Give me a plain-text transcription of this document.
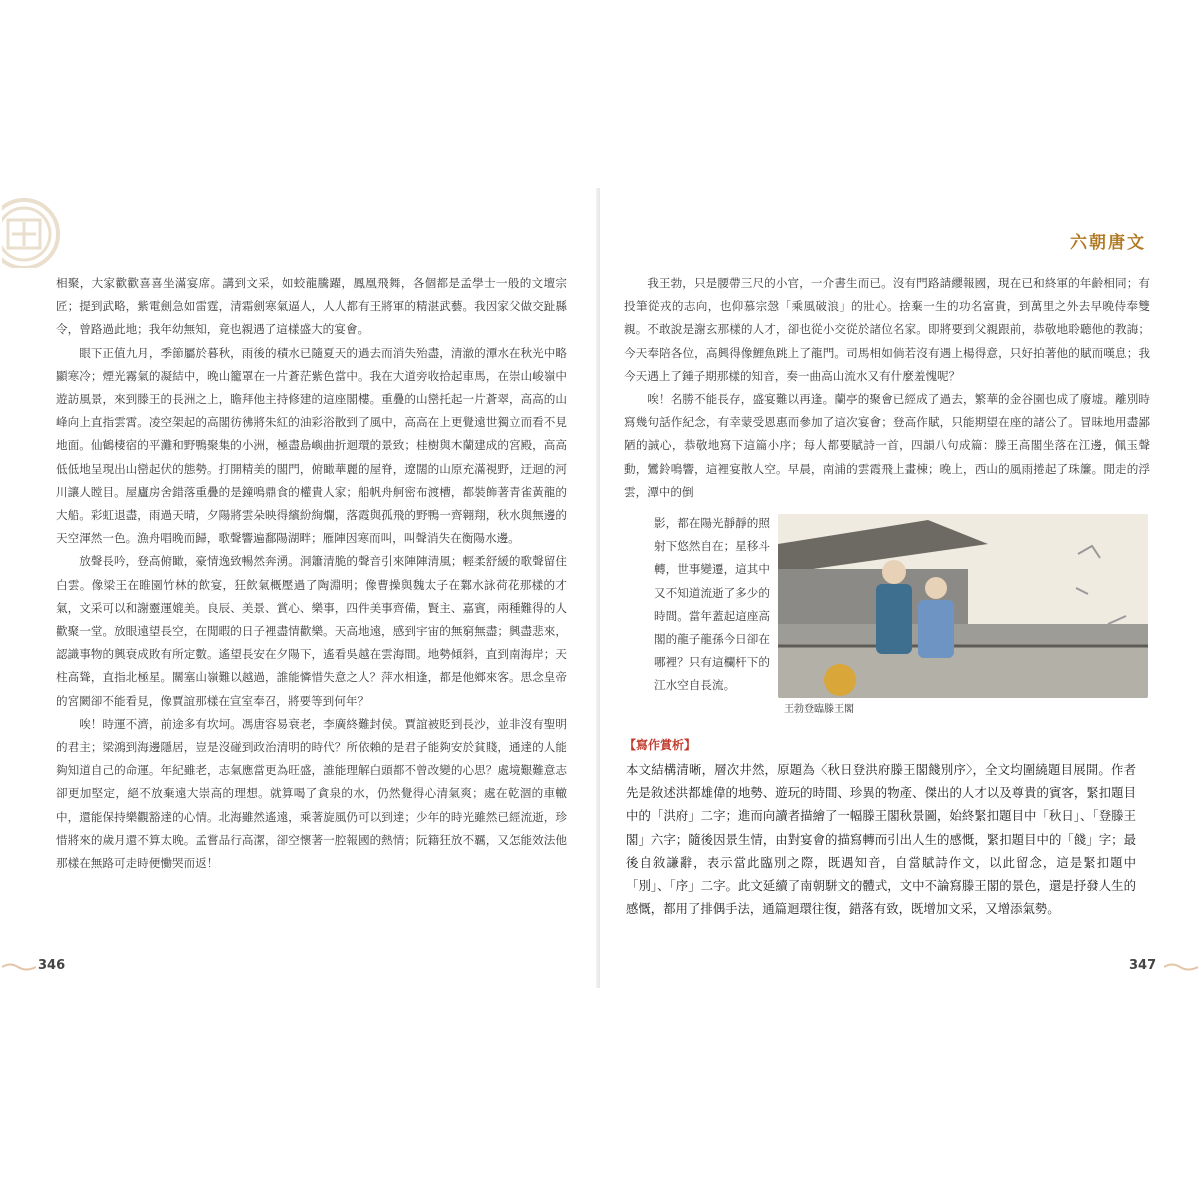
相聚，大家歡歡喜喜坐滿宴席。講到文采，如蛟龍騰躍，鳳凰飛舞，各個都是孟學士一般的文壇宗匠；提到武略，紫電劍急如雷霆，清霜劍寒氣逼人，人人都有王將軍的精湛武藝。我因家父做交趾縣令，曾路過此地；我年幼無知，竟也親遇了這樣盛大的宴會。

眼下正值九月，季節屬於暮秋，雨後的積水已隨夏天的過去而消失殆盡，清澈的潭水在秋光中略顯寒冷；煙光霧氣的凝結中，晚山籠罩在一片蒼茫紫色當中。我在大道旁收拾起車馬，在崇山峻嶺中遊訪風景，來到滕王的長洲之上，瞻拜他主持修建的這座閣樓。重疊的山巒托起一片蒼翠，高高的山峰向上直指雲霄。凌空架起的高閣彷彿將朱紅的油彩浴散到了風中，高高在上更覺遠世獨立而看不見地面。仙鶴棲宿的平灘和野鴨聚集的小洲，極盡島嶼曲折迴環的景致；桂樹與木蘭建成的宮殿，高高低低地呈現出山巒起伏的態勢。打開精美的閣門，俯瞰華麗的屋脊，遼闊的山原充滿視野，迂迴的河川讓人瞠目。屋廬房舍錯落重疊的是鐘鳴鼎食的權貴人家；船帆舟舸密布渡槽，都裝飾著青雀黃龍的大船。彩虹退盡，雨過天晴，夕陽將雲朵映得繽紛絢爛，落霞與孤飛的野鴨一齊翱翔，秋水與無邊的天空渾然一色。漁舟唱晚而歸，歌聲響遍鄱陽湖畔；雁陣因寒而叫，叫聲消失在衡陽水邊。

放聲長吟，登高俯瞰，豪情逸致暢然奔湧。洞簫清脆的聲音引來陣陣清風；輕柔舒緩的歌聲留住白雲。像梁王在睢園竹林的飲宴，狂飲氣概壓過了陶淵明；像曹操與魏太子在鄴水詠荷花那樣的才氣，文采可以和謝靈運媲美。良辰、美景、賞心、樂事，四件美事齊備，賢主、嘉賓，兩種難得的人歡聚一堂。放眼遠望長空，在閒暇的日子裡盡情歡樂。天高地遠，感到宇宙的無窮無盡；興盡悲來，認識事物的興衰成敗有所定數。遙望長安在夕陽下，遙看吳越在雲海間。地勢傾斜，直到南海岸；天柱高聳，直指北極星。關塞山嶺難以越過，誰能憐惜失意之人？萍水相逢，都是他鄉來客。思念皇帝的宮闕卻不能看見，像賈誼那樣在宣室奉召，將要等到何年？

唉！時運不濟，前途多有坎坷。馮唐容易衰老，李廣終難封侯。賈誼被貶到長沙，並非沒有聖明的君主；梁鴻到海邊隱居，豈是沒碰到政治清明的時代？所依賴的是君子能夠安於貧賤，通達的人能夠知道自己的命運。年紀雖老，志氣應當更為旺盛，誰能理解白頭都不曾改變的心思？處境艱難意志卻更加堅定，絕不放棄遠大崇高的理想。就算喝了貪泉的水，仍然覺得心清氣爽；處在乾涸的車轍中，還能保持樂觀豁達的心情。北海雖然遙遠，乘著旋風仍可以到達；少年的時光雖然已經流逝，珍惜將來的歲月還不算太晚。孟嘗品行高潔，卻空懷著一腔報國的熱情；阮籍狂放不羈，又怎能效法他那樣在無路可走時便慟哭而返！

六朝唐文

我王勃，只是腰帶三尺的小官，一介書生而已。沒有門路請纓報國，現在已和終軍的年齡相同；有投筆從戎的志向，也仰慕宗愨「乘風破浪」的壯心。捨棄一生的功名富貴，到萬里之外去早晚侍奉雙親。不敢說是謝玄那樣的人才，卻也從小交從於諸位名家。即將要到父親跟前，恭敬地聆聽他的教誨；今天奉陪各位，高興得像鯉魚跳上了龍門。司馬相如倘若沒有遇上楊得意，只好拍著他的賦而嘆息；我今天遇上了鍾子期那樣的知音，奏一曲高山流水又有什麼羞愧呢？

唉！名勝不能長存，盛宴難以再逢。蘭亭的聚會已經成了過去，繁華的金谷園也成了廢墟。離別時寫幾句話作紀念，有幸蒙受恩惠而參加了這次宴會；登高作賦，只能期望在座的諸公了。冒昧地用盡鄙陋的誠心，恭敬地寫下這篇小序；每人都要賦詩一首，四韻八句成篇：滕王高閣坐落在江邊，佩玉聲動，鸞鈴鳴響，這裡宴散人空。早晨，南浦的雲霞飛上畫棟；晚上，西山的風雨捲起了珠簾。閒走的浮雲，潭中的倒

影，都在陽光靜靜的照射下悠然自在；星移斗轉，世事變遷，這其中又不知道流逝了多少的時間。當年蓋起這座高閣的龍子龍孫今日卻在哪裡？只有這欄杆下的江水空自長流。
王勃登臨滕王閣
【寫作賞析】
本文結構清晰，層次井然，原題為〈秋日登洪府滕王閣餞別序〉，全文均圍繞題目展開。作者先是敘述洪都雄偉的地勢、遊玩的時間、珍異的物產、傑出的人才以及尊貴的賓客，緊扣題目中的「洪府」二字；進而向讀者描繪了一幅滕王閣秋景圖，始終緊扣題目中「秋日」、「登滕王閣」六字；隨後因景生情，由對宴會的描寫轉而引出人生的感慨，緊扣題目中的「餞」字；最後自敘謙辭，表示當此臨別之際，既遇知音，自當賦詩作文，以此留念，這是緊扣題中「別」、「序」二字。此文延續了南朝駢文的體式，文中不論寫滕王閣的景色，還是抒發人生的感慨，都用了排偶手法，通篇迴環往復，錯落有致，既增加文采，又增添氣勢。
346	347
